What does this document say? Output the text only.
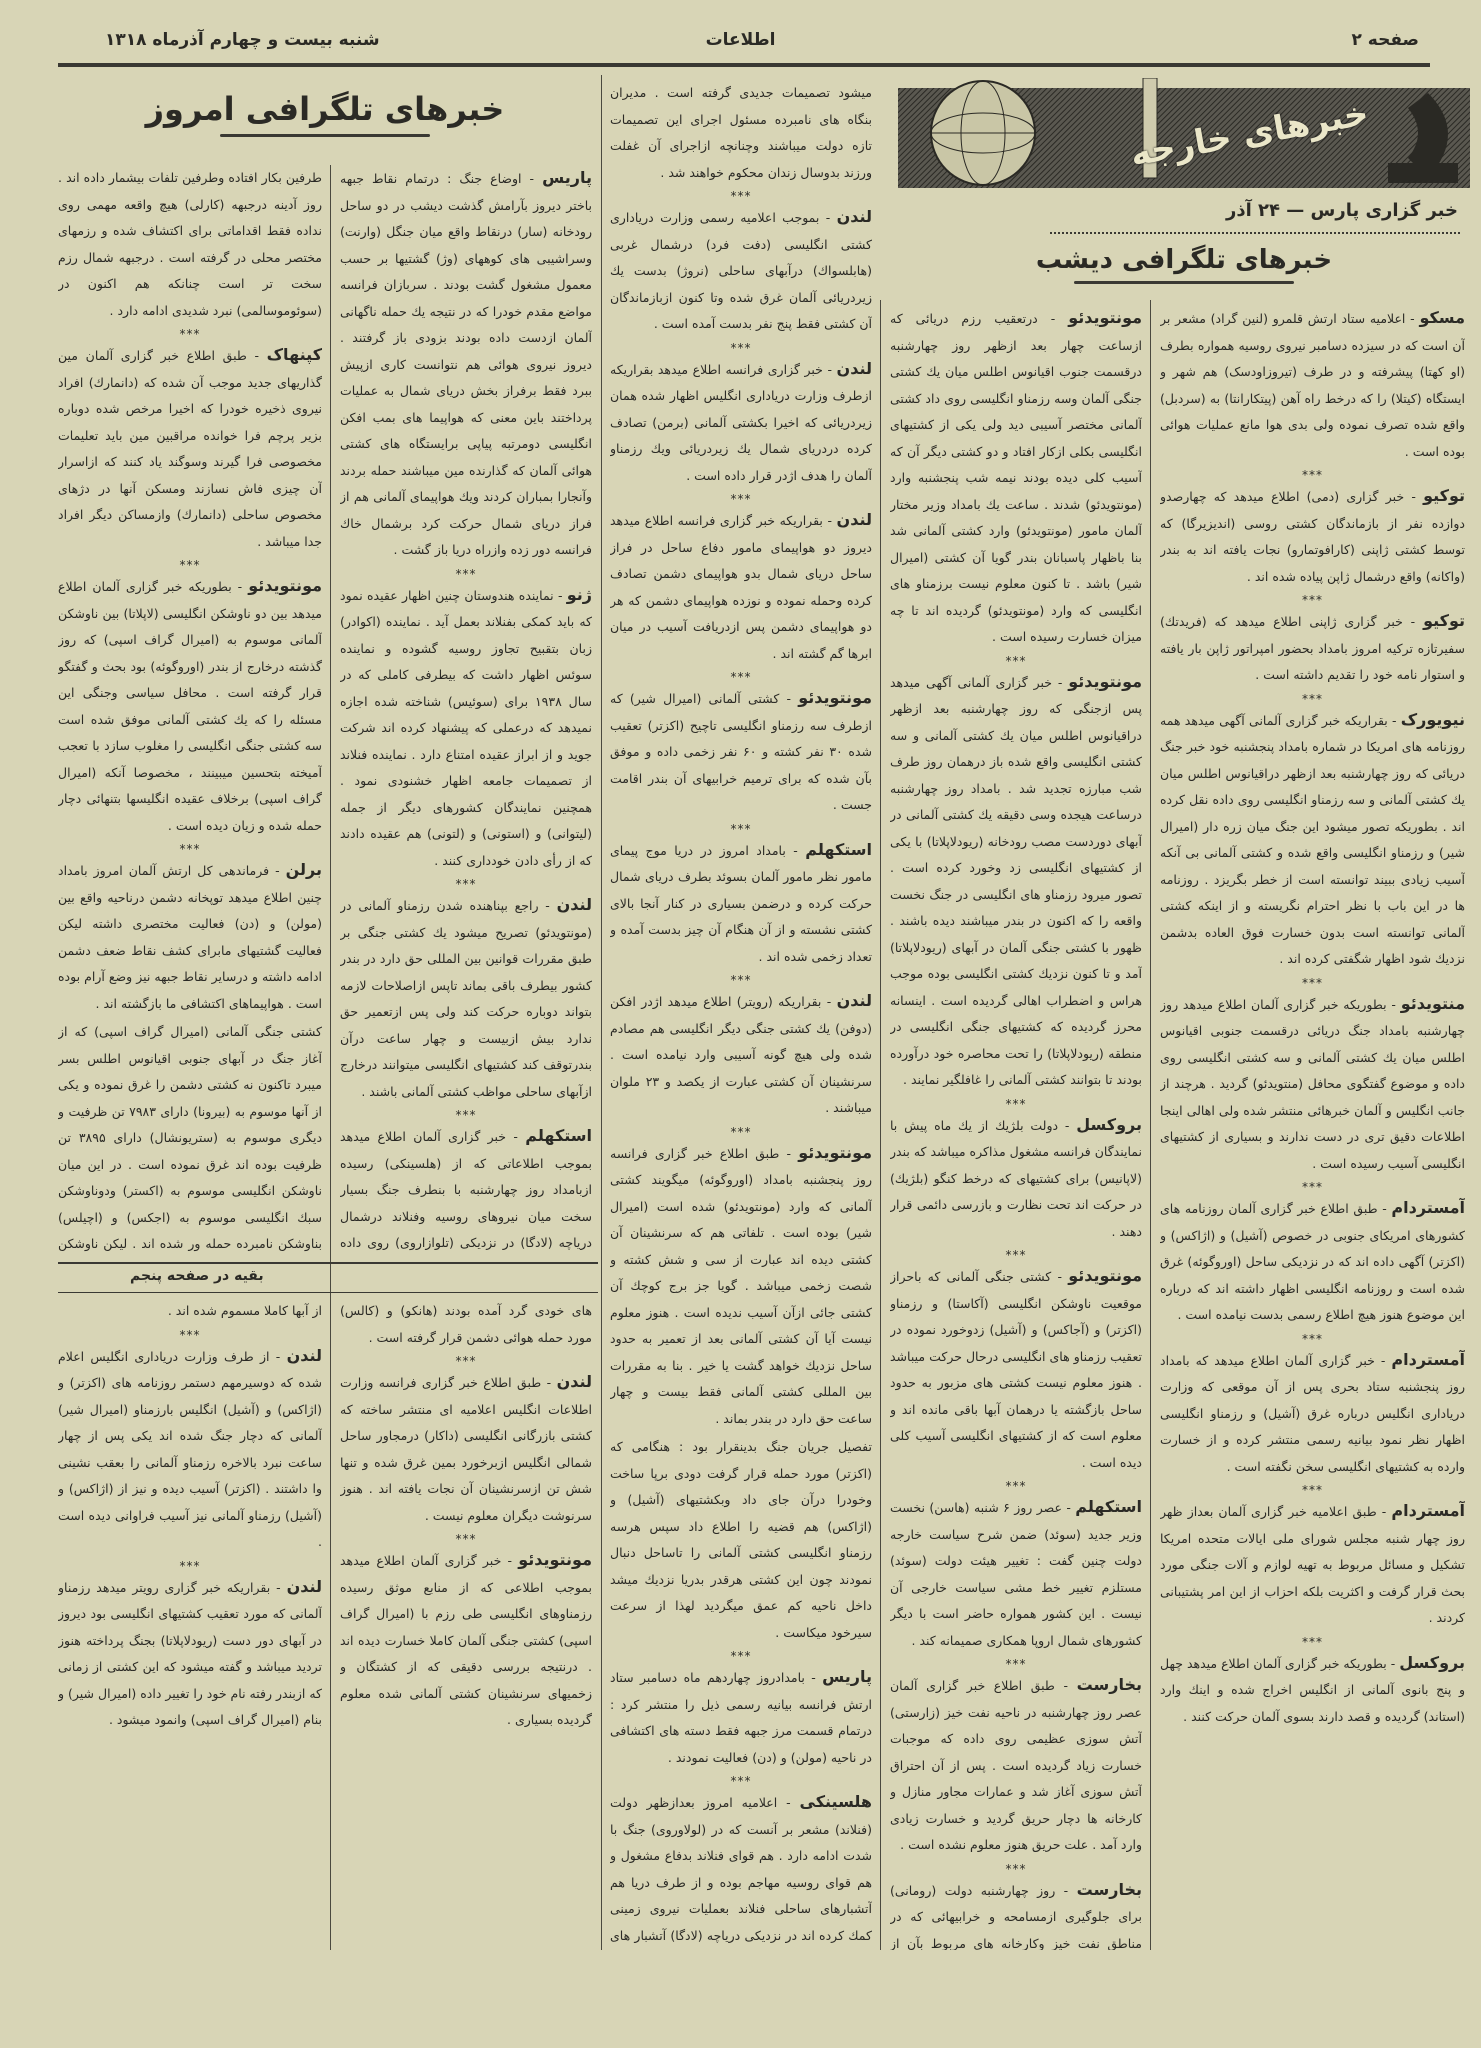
صفحه ۲
اطلاعات
شنبه بیست و چهارم آذرماه ۱۳۱۸
خبرهای خارجه
خبر گزاری پارس — ۲۴ آذر
خبرهای تلگرافی دیشب
خبرهای تلگرافی امروز
مسکو - اعلامیه ستاد ارتش قلمرو (لنین گراد) مشعر بر آن است که در سیزده دسامبر نیروی روسیه همواره بطرف (او کهتا) پیشرفته و در طرف (تیروزاودسک) هم شهر و ایستگاه (کیتلا) را که درخط راه آهن (پیتکارانتا) به (سردبل) واقع شده تصرف نموده ولی بدی هوا مانع عملیات هوائی بوده است .
***
توکیو - خبر گزاری (دمی) اطلاع میدهد که چهارصدو دوازده نفر از بازماندگان کشتی روسی (اندیزیرگا) که توسط کشتی ژاپنی (کارافوتمارو) نجات یافته اند به بندر (واکانه) واقع درشمال ژاپن پیاده شده اند .
***
توکیو - خبر گزاری ژاپنی اطلاع میدهد که (فریدتك) سفیرتازه ترکیه امروز بامداد بحضور امپراتور ژاپن بار یافته و استوار نامه خود را تقدیم داشته است .
***
نیویورک - بقراریکه خبر گزاری آلمانی آگهی میدهد همه روزنامه های امریکا در شماره بامداد پنجشنبه خود خبر جنگ دریائی که روز چهارشنبه بعد ازظهر دراقیانوس اطلس میان یك کشتی آلمانی و سه رزمناو انگلیسی روی داده نقل کرده اند . بطوریکه تصور میشود این جنگ میان زره دار (امیرال شیر) و رزمناو انگلیسی واقع شده و کشتی آلمانی بی آنکه آسیب زیادی ببیند توانسته است از خطر بگریزد . روزنامه ها در این باب با نظر احترام نگریسته و از اینکه کشتی آلمانی توانسته است بدون خسارت فوق العاده بدشمن نزدیك شود اظهار شگفتی کرده اند .
***
منتویدئو - بطوریکه خبر گزاری آلمان اطلاع میدهد روز چهارشنبه بامداد جنگ دریائی درقسمت جنوبی اقیانوس اطلس میان یك کشتی آلمانی و سه کشتی انگلیسی روی داده و موضوع گفتگوی محافل (منتویدئو) گردید . هرچند از جانب انگلیس و آلمان خبرهائی منتشر شده ولی اهالی اینجا اطلاعات دقیق تری در دست ندارند و بسیاری از کشتیهای انگلیسی آسیب رسیده است .
***
آمستردام - طبق اطلاع خبر گزاری آلمان روزنامه های کشورهای امریکای جنوبی در خصوص (آشیل) و (اژاکس) و (اکزتر) آگهی داده اند که در نزدیکی ساحل (اوروگوئه) غرق شده است و روزنامه انگلیسی اظهار داشته اند که درباره این موضوع هنوز هیچ اطلاع رسمی بدست نیامده است .
***
آمستردام - خبر گزاری آلمان اطلاع میدهد که بامداد روز پنجشنبه ستاد بحری پس از آن موقعی که وزارت دریاداری انگلیس درباره غرق (آشیل) و رزمناو انگلیسی اظهار نظر نمود بیانیه رسمی منتشر کرده و از خسارت وارده به کشتیهای انگلیسی سخن نگفته است .
***
آمستردام - طبق اعلامیه خبر گزاری آلمان بعداز ظهر روز چهار شنبه مجلس شورای ملی ایالات متحده امریکا تشکیل و مسائل مربوط به تهیه لوازم و آلات جنگی مورد بحث قرار گرفت و اکثریت بلکه احزاب از این امر پشتیبانی کردند .
***
بروکسل - بطوریکه خبر گزاری آلمان اطلاع میدهد چهل و پنج بانوی آلمانی از انگلیس اخراج شده و اینك وارد (استاند) گردیده و قصد دارند بسوی آلمان حرکت کنند .
مونتویدئو - درتعقیب رزم دریائی که ازساعت چهار بعد ازظهر روز چهارشنبه درقسمت جنوب اقیانوس اطلس میان یك کشتی جنگی آلمان وسه رزمناو انگلیسی روی داد کشتی آلمانی مختصر آسیبی دید ولی یکی از کشتیهای انگلیسی بکلی ازکار افتاد و دو کشتی دیگر آن که آسیب کلی دیده بودند نیمه شب پنجشنبه وارد (مونتویدئو) شدند . ساعت یك بامداد وزیر مختار آلمان مامور (مونتویدئو) وارد کشتی آلمانی شد بنا باظهار پاسبانان بندر گویا آن کشتی (امیرال شیر) باشد . تا کنون معلوم نیست برزمناو های انگلیسی که وارد (مونتویدئو) گردیده اند تا چه میزان خسارت رسیده است .
***
مونتویدئو - خبر گزاری آلمانی آگهی میدهد پس ازجنگی که روز چهارشنبه بعد ازظهر دراقیانوس اطلس میان یك کشتی آلمانی و سه کشتی انگلیسی واقع شده باز درهمان روز طرف شب مبارزه تجدید شد . بامداد روز چهارشنبه درساعت هیجده وسی دقیقه یك کشتی آلمانی در آبهای دوردست مصب رودخانه (ریودلاپلاتا) با یکی از کشتیهای انگلیسی زد وخورد کرده است . تصور میرود رزمناو های انگلیسی در جنگ نخست واقعه را که اکنون در بندر میباشند دیده باشند . ظهور با کشتی جنگی آلمان در آبهای (ریودلاپلاتا) آمد و تا کنون نزدیك کشتی انگلیسی بوده موجب هراس و اضطراب اهالی گردیده است . اینسانه محرز گردیده که کشتیهای جنگی انگلیسی در منطقه (ریودلاپلاتا) را تحت محاصره خود درآورده بودند تا بتوانند کشتی آلمانی را غافلگیر نمایند .
***
بروکسل - دولت بلژیك از یك ماه پیش با نمایندگان فرانسه مشغول مذاکره میباشد که بندر (لاپانیس) برای کشتیهای که درخط کنگو (بلژیك) در حرکت اند تحت نظارت و بازرسی دائمی قرار دهند .
***
مونتویدئو - کشتی جنگی آلمانی که باحراز موقعیت ناوشکن انگلیسی (آکاستا) و رزمناو (اکزتر) و (آجاکس) و (آشیل) زدوخورد نموده در تعقیب رزمناو های انگلیسی درحال حرکت میباشد . هنوز معلوم نیست کشتی های مزبور به حدود ساحل بازگشته یا درهمان آبها باقی مانده اند و معلوم است که از کشتیهای انگلیسی آسیب کلی دیده است .
***
استکهلم - عصر روز ۶ شنبه (هاسن) نخست وزیر جدید (سوئد) ضمن شرح سیاست خارجه دولت چنین گفت : تغییر هیئت دولت (سوئد) مستلزم تغییر خط مشی سیاست خارجی آن نیست . این کشور همواره حاضر است با دیگر کشورهای شمال اروپا همکاری صمیمانه کند .
***
بخارست - طبق اطلاع خبر گزاری آلمان عصر روز چهارشنبه در ناحیه نفت خیز (زارستی) آتش سوزی عظیمی روی داده که موجبات خسارت زیاد گردیده است . پس از آن احتراق آتش سوزی آغاز شد و عمارات مجاور منازل و کارخانه ها دچار حریق گردید و خسارت زیادی وارد آمد . علت حریق هنوز معلوم نشده است .
***
بخارست - روز چهارشنبه دولت (رومانی) برای جلوگیری ازمسامحه و خرابیهائی که در مناطق نفت خیز وکارخانه های مربوط بآن از
میشود تصمیمات جدیدی گرفته است . مدیران بنگاه های نامبرده مسئول اجرای این تصمیمات تازه دولت میباشند وچنانچه ازاجرای آن غفلت ورزند بدوسال زندان محکوم خواهند شد .
***
لندن - بموجب اعلامیه رسمی وزارت دریاداری کشتی انگلیسی (دفت فرد) درشمال غربی (هابلسواك) درآبهای ساحلی (نروژ) بدست یك زیردریائی آلمان غرق شده وتا کنون ازبازماندگان آن کشتی فقط پنج نفر بدست آمده است .
***
لندن - خبر گزاری فرانسه اطلاع میدهد بقراریکه ازطرف وزارت دریاداری انگلیس اظهار شده همان زیردریائی که اخیرا بکشتی آلمانی (برمن) تصادف کرده دردریای شمال یك زیردریائی ویك رزمناو آلمان را هدف اژدر قرار داده است .
***
لندن - بقراریکه خبر گزاری فرانسه اطلاع میدهد دیروز دو هواپیمای مامور دفاع ساحل در فراز ساحل دریای شمال بدو هواپیمای دشمن تصادف کرده وحمله نموده و نوزده هواپیمای دشمن که هر دو هواپیمای دشمن پس ازدریافت آسیب در میان ابرها گم گشته اند .
***
مونتویدئو - کشتی آلمانی (امیرال شیر) که ازطرف سه رزمناو انگلیسی تاچیح (اکزتر) تعقیب شده ۳۰ نفر کشته و ۶۰ نفر زخمی داده و موفق بآن شده که برای ترمیم خرابیهای آن بندر اقامت جست .
***
استکهلم - بامداد امروز در دریا موج پیمای مامور نظر مامور آلمان بسوئد بطرف دریای شمال حرکت کرده و درضمن بسیاری در کنار آنجا بالای کشتی نشسته و از آن هنگام آن چیز بدست آمده و تعداد زخمی شده اند .
***
لندن - بقراریکه (رویتر) اطلاع میدهد اژدر افکن (دوفن) یك کشتی جنگی دیگر انگلیسی هم مصادم شده ولی هیچ گونه آسیبی وارد نیامده است . سرنشینان آن کشتی عبارت از یکصد و ۲۳ ملوان میباشند .
***
مونتویدئو - طبق اطلاع خبر گزاری فرانسه روز پنجشنبه بامداد (اوروگوئه) میگویند کشتی آلمانی که وارد (مونتویدئو) شده است (امیرال شیر) بوده است . تلفاتی هم که سرنشینان آن کشتی دیده اند عبارت از سی و شش کشته و شصت زخمی میباشد . گویا جز برج کوچك آن کشتی جائی ازآن آسیب ندیده است . هنوز معلوم نیست آیا آن کشتی آلمانی بعد از تعمیر به حدود ساحل نزدیك خواهد گشت یا خیر . بنا به مقررات بین المللی کشتی آلمانی فقط بیست و چهار ساعت حق دارد در بندر بماند .
تفصیل جریان جنگ بدینقرار بود : هنگامی که (اکزتر) مورد حمله قرار گرفت دودی برپا ساخت وخودرا درآن جای داد وبکشتیهای (آشیل) و (اژاکس) هم قضیه را اطلاع داد سپس هرسه رزمناو انگلیسی کشتی آلمانی را تاساحل دنبال نمودند چون این کشتی هرقدر بدریا نزدیك میشد داخل ناحیه کم عمق میگردید لهذا از سرعت سیرخود میکاست .
***
پاریس - بامدادروز چهاردهم ماه دسامبر ستاد ارتش فرانسه بیانیه رسمی ذیل را منتشر کرد : درتمام قسمت مرز جبهه فقط دسته های اکتشافی در ناحیه (مولن) و (دن) فعالیت نمودند .
***
هلسینکی - اعلامیه امروز بعدازظهر دولت (فنلاند) مشعر بر آنست که در (لولاوروی) جنگ با شدت ادامه دارد . هم قوای فنلاند بدفاع مشغول و هم قوای روسیه مهاجم بوده و از طرف دریا هم آتشبارهای ساحلی فنلاند بعملیات نیروی زمینی کمك کرده اند در نزدیکی دریاچه (لادگا) آتشبار های
پاریس - اوضاع جنگ : درتمام نقاط جبهه باختر دیروز بآرامش گذشت دیشب در دو ساحل رودخانه (سار) درنقاط واقع میان جنگل (وارنت) وسراشیبی های کوههای (وژ) گشتیها بر حسب معمول مشغول گشت بودند . سربازان فرانسه مواضع مقدم خودرا که در نتیجه یك حمله ناگهانی آلمان ازدست داده بودند بزودی باز گرفتند . دیروز نیروی هوائی هم نتوانست کاری ازپیش ببرد فقط برفراز بخش دریای شمال به عملیات پرداختند باین معنی که هواپیما های بمب افکن انگلیسی دومرتبه پیاپی برایستگاه های کشتی هوائی آلمان که گذارنده مین میباشند حمله بردند وآنجارا بمباران کردند ویك هواپیمای آلمانی هم از فراز دریای شمال حرکت کرد برشمال خاك فرانسه دور زده وازراه دریا باز گشت .
***
ژنو - نماینده هندوستان چنین اظهار عقیده نمود که باید کمکی بفنلاند بعمل آید . نماینده (اکوادر) زبان بتقبیح تجاوز روسیه گشوده و نماینده سوئس اظهار داشت که بیطرفی کاملی که در سال ۱۹۳۸ برای (سوئیس) شناخته شده اجازه نمیدهد که درعملی که پیشنهاد کرده اند شرکت جوید و از ابراز عقیده امتناع دارد . نماینده فنلاند از تصمیمات جامعه اظهار خشنودی نمود . همچنین نمایندگان کشورهای دیگر از جمله (لیتوانی) و (استونی) و (لتونی) هم عقیده دادند که از رأی دادن خودداری کنند .
***
لندن - راجع بپناهنده شدن رزمناو آلمانی در (مونتویدئو) تصریح میشود یك کشتی جنگی بر طبق مقررات قوانین بین المللی حق دارد در بندر کشور بیطرف باقی بماند تاپس ازاصلاحات لازمه بتواند دوباره حرکت کند ولی پس ازتعمیر حق ندارد بیش ازبیست و چهار ساعت درآن بندرتوقف کند کشتیهای انگلیسی میتوانند درخارج ازآبهای ساحلی مواظب کشتی آلمانی باشند .
***
استکهلم - خبر گزاری آلمان اطلاع میدهد بموجب اطلاعاتی که از (هلسینکی) رسیده ازبامداد روز چهارشنبه با بنطرف جنگ بسیار سخت میان نیروهای روسیه وفنلاند درشمال دریاچه (لادگا) در نزدیکی (تلوازاروی) روی داده
طرفین بکار افتاده وطرفین تلفات بیشمار داده اند . روز آدینه درجبهه (کارلی) هیچ واقعه مهمی روی نداده فقط اقداماتی برای اکتشاف شده و رزمهای مختصر محلی در گرفته است . درجبهه شمال رزم سخت تر است چنانکه هم اکنون در (سوئوموسالمی) نبرد شدیدی ادامه دارد .
***
کپنهاک - طبق اطلاع خبر گزاری آلمان مین گذاریهای جدید موجب آن شده که (دانمارك) افراد نیروی ذخیره خودرا که اخیرا مرخص شده دوباره بزیر پرچم فرا خوانده مراقبین مین باید تعلیمات مخصوصی فرا گیرند وسوگند یاد کنند که ازاسرار آن چیزی فاش نسازند ومسکن آنها در دژهای مخصوص ساحلی (دانمارك) وازمساکن دیگر افراد جدا میباشد .
***
مونتویدئو - بطوریکه خبر گزاری آلمان اطلاع میدهد بین دو ناوشکن انگلیسی (لاپلاتا) بین ناوشکن آلمانی موسوم به (امیرال گراف اسپی) که روز گذشته درخارج از بندر (اوروگوئه) بود بحث و گفتگو قرار گرفته است . محافل سیاسی وجنگی این مسئله را که یك کشتی آلمانی موفق شده است سه کشتی جنگی انگلیسی را مغلوب سازد با تعجب آمیخته بتحسین میبینند ، مخصوصا آنکه (امیرال گراف اسپی) برخلاف عقیده انگلیسها بتنهائی دچار حمله شده و زیان دیده است .
***
برلن - فرماندهی کل ارتش آلمان امروز بامداد چنین اطلاع میدهد توپخانه دشمن درناحیه واقع بین (مولن) و (دن) فعالیت مختصری داشته لیکن فعالیت گشتیهای مابرای کشف نقاط ضعف دشمن ادامه داشته و درسایر نقاط جبهه نیز وضع آرام بوده است . هواپیماهای اکتشافی ما بازگشته اند .
کشتی جنگی آلمانی (امیرال گراف اسپی) که از آغاز جنگ در آبهای جنوبی اقیانوس اطلس بسر میبرد تاکنون نه کشتی دشمن را غرق نموده و یکی از آنها موسوم به (بیرونا) دارای ۷۹۸۳ تن ظرفیت و دیگری موسوم به (ستریونشال) دارای ۳۸۹۵ تن ظرفیت بوده اند غرق نموده است . در این میان ناوشکن انگلیسی موسوم به (اکستر) ودوناوشکن سبك انگلیسی موسوم به (اجکس) و (اچیلس) بناوشکن نامبرده حمله ور شده اند . لیکن ناوشکن
بقیه در صفحه پنجم
های خودی گرد آمده بودند (هانکو) و (کالس) مورد حمله هوائی دشمن قرار گرفته است .
***
لندن - طبق اطلاع خبر گزاری فرانسه وزارت اطلاعات انگلیس اعلامیه ای منتشر ساخته که کشتی بازرگانی انگلیسی (داکار) درمجاور ساحل شمالی انگلیس ازبرخورد بمین غرق شده و تنها شش تن ازسرنشینان آن نجات یافته اند . هنوز سرنوشت دیگران معلوم نیست .
***
مونتویدئو - خبر گزاری آلمان اطلاع میدهد بموجب اطلاعی که از منابع موثق رسیده رزمناوهای انگلیسی طی رزم با (امیرال گراف اسپی) کشتی جنگی آلمان کاملا خسارت دیده اند . درنتیجه بررسی دقیقی که از کشتگان و زخمیهای سرنشینان کشتی آلمانی شده معلوم گردیده بسیاری .
از آبها کاملا مسموم شده اند .
***
لندن - از طرف وزارت دریاداری انگلیس اعلام شده که دوسیرمهم دستمر روزنامه های (اکزتر) و (اژاکس) و (آشیل) انگلیس بارزمناو (امیرال شیر) آلمانی که دچار جنگ شده اند یکی پس از چهار ساعت نبرد بالاخره رزمناو آلمانی را بعقب نشینی وا داشتند . (اکزتر) آسیب دیده و نیز از (اژاکس) و (آشیل) رزمناو آلمانی نیز آسیب فراوانی دیده است .
***
لندن - بقراریکه خبر گزاری رویتر میدهد رزمناو آلمانی که مورد تعقیب کشتیهای انگلیسی بود دیروز در آبهای دور دست (ریودلاپلاتا) بجنگ پرداخته هنوز تردید میباشد و گفته میشود که این کشتی از زمانی که ازبندر رفته نام خود را تغییر داده (امیرال شیر) و بنام (امیرال گراف اسپی) وانمود میشود .
